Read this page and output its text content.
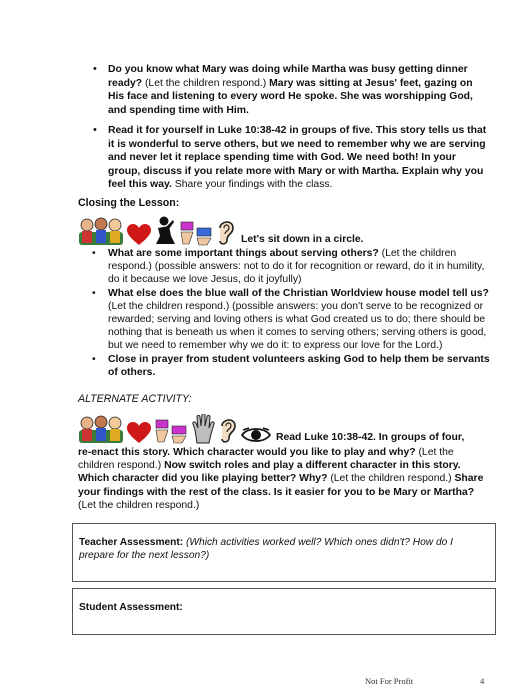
• Do you know what Mary was doing while Martha was busy getting dinner ready? (Let the children respond.) Mary was sitting at Jesus' feet, gazing on His face and listening to every word He spoke. She was worshipping God, and spending time with Him.
• Read it for yourself in Luke 10:38-42 in groups of five. This story tells us that it is wonderful to serve others, but we need to remember why we are serving and never let it replace spending time with God. We need both! In your group, discuss if you relate more with Mary or with Martha. Explain why you feel this way. Share your findings with the class.
Closing the Lesson:
Let's sit down in a circle.
• What are some important things about serving others? (Let the children respond.) (possible answers: not to do it for recognition or reward, do it in humility, do it because we love Jesus, do it joyfully)
• What else does the blue wall of the Christian Worldview house model tell us? (Let the children respond.) (possible answers: you don't serve to be recognized or rewarded; serving and loving others is what God created us to do; there should be nothing that is beneath us when it comes to serving others; serving others is good, but we need to remember why we do it: to express our love for the Lord.)
• Close in prayer from student volunteers asking God to help them be servants of others.
ALTERNATE ACTIVITY:
Read Luke 10:38-42. In groups of four,
re-enact this story. Which character would you like to play and why? (Let the children respond.) Now switch roles and play a different character in this story. Which character did you like playing better? Why? (Let the children respond.) Share your findings with the rest of the class. Is it easier for you to be Mary or Martha? (Let the children respond.)
Teacher Assessment: (Which activities worked well? Which ones didn't? How do I prepare for the next lesson?)
Student Assessment:
Not For Profit	4
